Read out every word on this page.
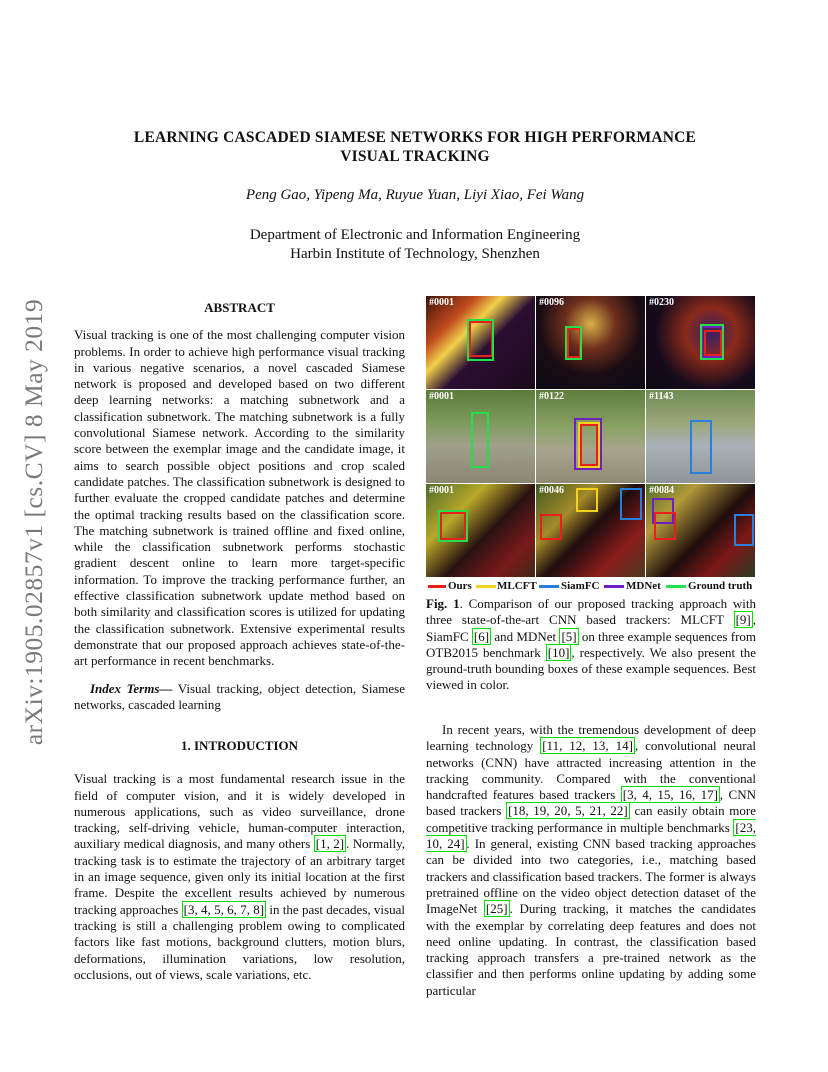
LEARNING CASCADED SIAMESE NETWORKS FOR HIGH PERFORMANCE
VISUAL TRACKING
Peng Gao, Yipeng Ma, Ruyue Yuan, Liyi Xiao, Fei Wang
Department of Electronic and Information Engineering
Harbin Institute of Technology, Shenzhen
arXiv:1905.02857v1 [cs.CV] 8 May 2019	ABSTRACT

Visual tracking is one of the most challenging computer vision problems. In order to achieve high performance visual tracking in various negative scenarios, a novel cascaded Siamese network is proposed and developed based on two different deep learning networks: a matching subnetwork and a classification subnetwork. The matching subnetwork is a fully convolutional Siamese network. According to the similarity score between the exemplar image and the candidate image, it aims to search possible object positions and crop scaled candidate patches. The classification subnetwork is designed to further evaluate the cropped candidate patches and determine the optimal tracking results based on the classification score. The matching subnetwork is trained offline and fixed online, while the classification subnetwork performs stochastic gradient descent online to learn more target-specific information. To improve the tracking performance further, an effective classification subnetwork update method based on both similarity and classification scores is utilized for updating the classification subnetwork. Extensive experimental results demonstrate that our proposed approach achieves state-of-the-art performance in recent benchmarks.

Index Terms— Visual tracking, object detection, Siamese networks, cascaded learning

1. INTRODUCTION

Visual tracking is a most fundamental research issue in the field of computer vision, and it is widely developed in numerous applications, such as video surveillance, drone tracking, self-driving vehicle, human-computer interaction, auxiliary medical diagnosis, and many others [1, 2] . Normally, tracking task is to estimate the trajectory of an arbitrary target in an image sequence, given only its initial location at the first frame. Despite the excellent results achieved by numerous tracking approaches [3, 4, 5, 6, 7, 8] in the past decades, visual tracking is still a challenging problem owing to complicated factors like fast motions, background clutters, motion blurs, deformations, illumination variations, low resolution, occlusions, out of views, scale variations, etc.

#0001	#0096	#0230
#0001	#0122	#1143
#0001	#0046	#0084
Ours MLCFT SiamFC MDNet Ground truth
Fig. 1. Comparison of our proposed tracking approach with three state-of-the-art CNN based trackers: MLCFT [9] , SiamFC [6] and MDNet [5] on three example sequences from OTB2015 benchmark [10] , respectively. We also present the ground-truth bounding boxes of these example sequences. Best viewed in color.

In recent years, with the tremendous development of deep learning technology [11, 12, 13, 14] , convolutional neural networks (CNN) have attracted increasing attention in the tracking community. Compared with the conventional handcrafted features based trackers [3, 4, 15, 16, 17] , CNN based trackers [18, 19, 20, 5, 21, 22] can easily obtain more competitive tracking performance in multiple benchmarks [23, 10, 24] . In general, existing CNN based tracking approaches can be divided into two categories, i.e., matching based trackers and classification based trackers. The former is always pretrained offline on the video object detection dataset of the ImageNet [25] . During tracking, it matches the candidates with the exemplar by correlating deep features and does not need online updating. In contrast, the classification based tracking approach transfers a pre-trained network as the classifier and then performs online updating by adding some particular
